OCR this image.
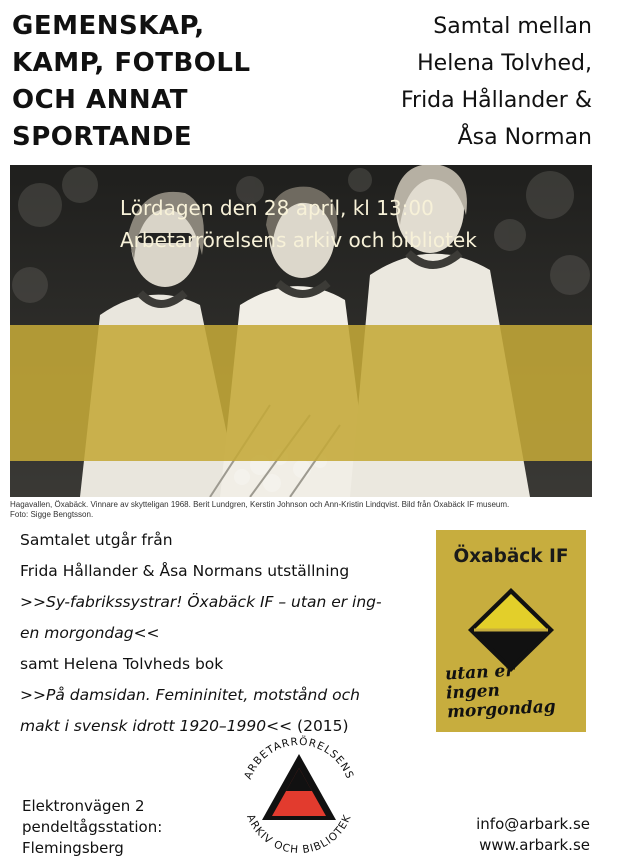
GEMENSKAP,
KAMP, FOTBOLL
OCH ANNAT
SPORTANDE
Samtal mellan
Helena Tolvhed,
Frida Hållander &
Åsa Norman
Lördagen den 28 april, kl 13:00
Arbetarrörelsens arkiv och bibliotek
Hagavallen, Öxabäck. Vinnare av skytteligan 1968. Berit Lundgren, Kerstin Johnson och Ann-Kristin Lindqvist. Bild från Öxabäck IF museum.
Foto: Sigge Bengtsson.
Samtalet utgår från
Frida Hållander & Åsa Normans utställning
>>Sy-fabrikssystrar! Öxabäck IF – utan er ing-
en morgondag<<
samt Helena Tolvheds bok
>>På damsidan. Femininitet, motstånd och
makt i svensk idrott 1920–1990<< (2015)
Öxabäck IF
utan er
ingen
morgondag
ARBETARRÖRELSENS
ARKIV OCH BIBLIOTEK
Elektronvägen 2
pendeltågsstation:
Flemingsberg
info@arbark.se
www.arbark.se
